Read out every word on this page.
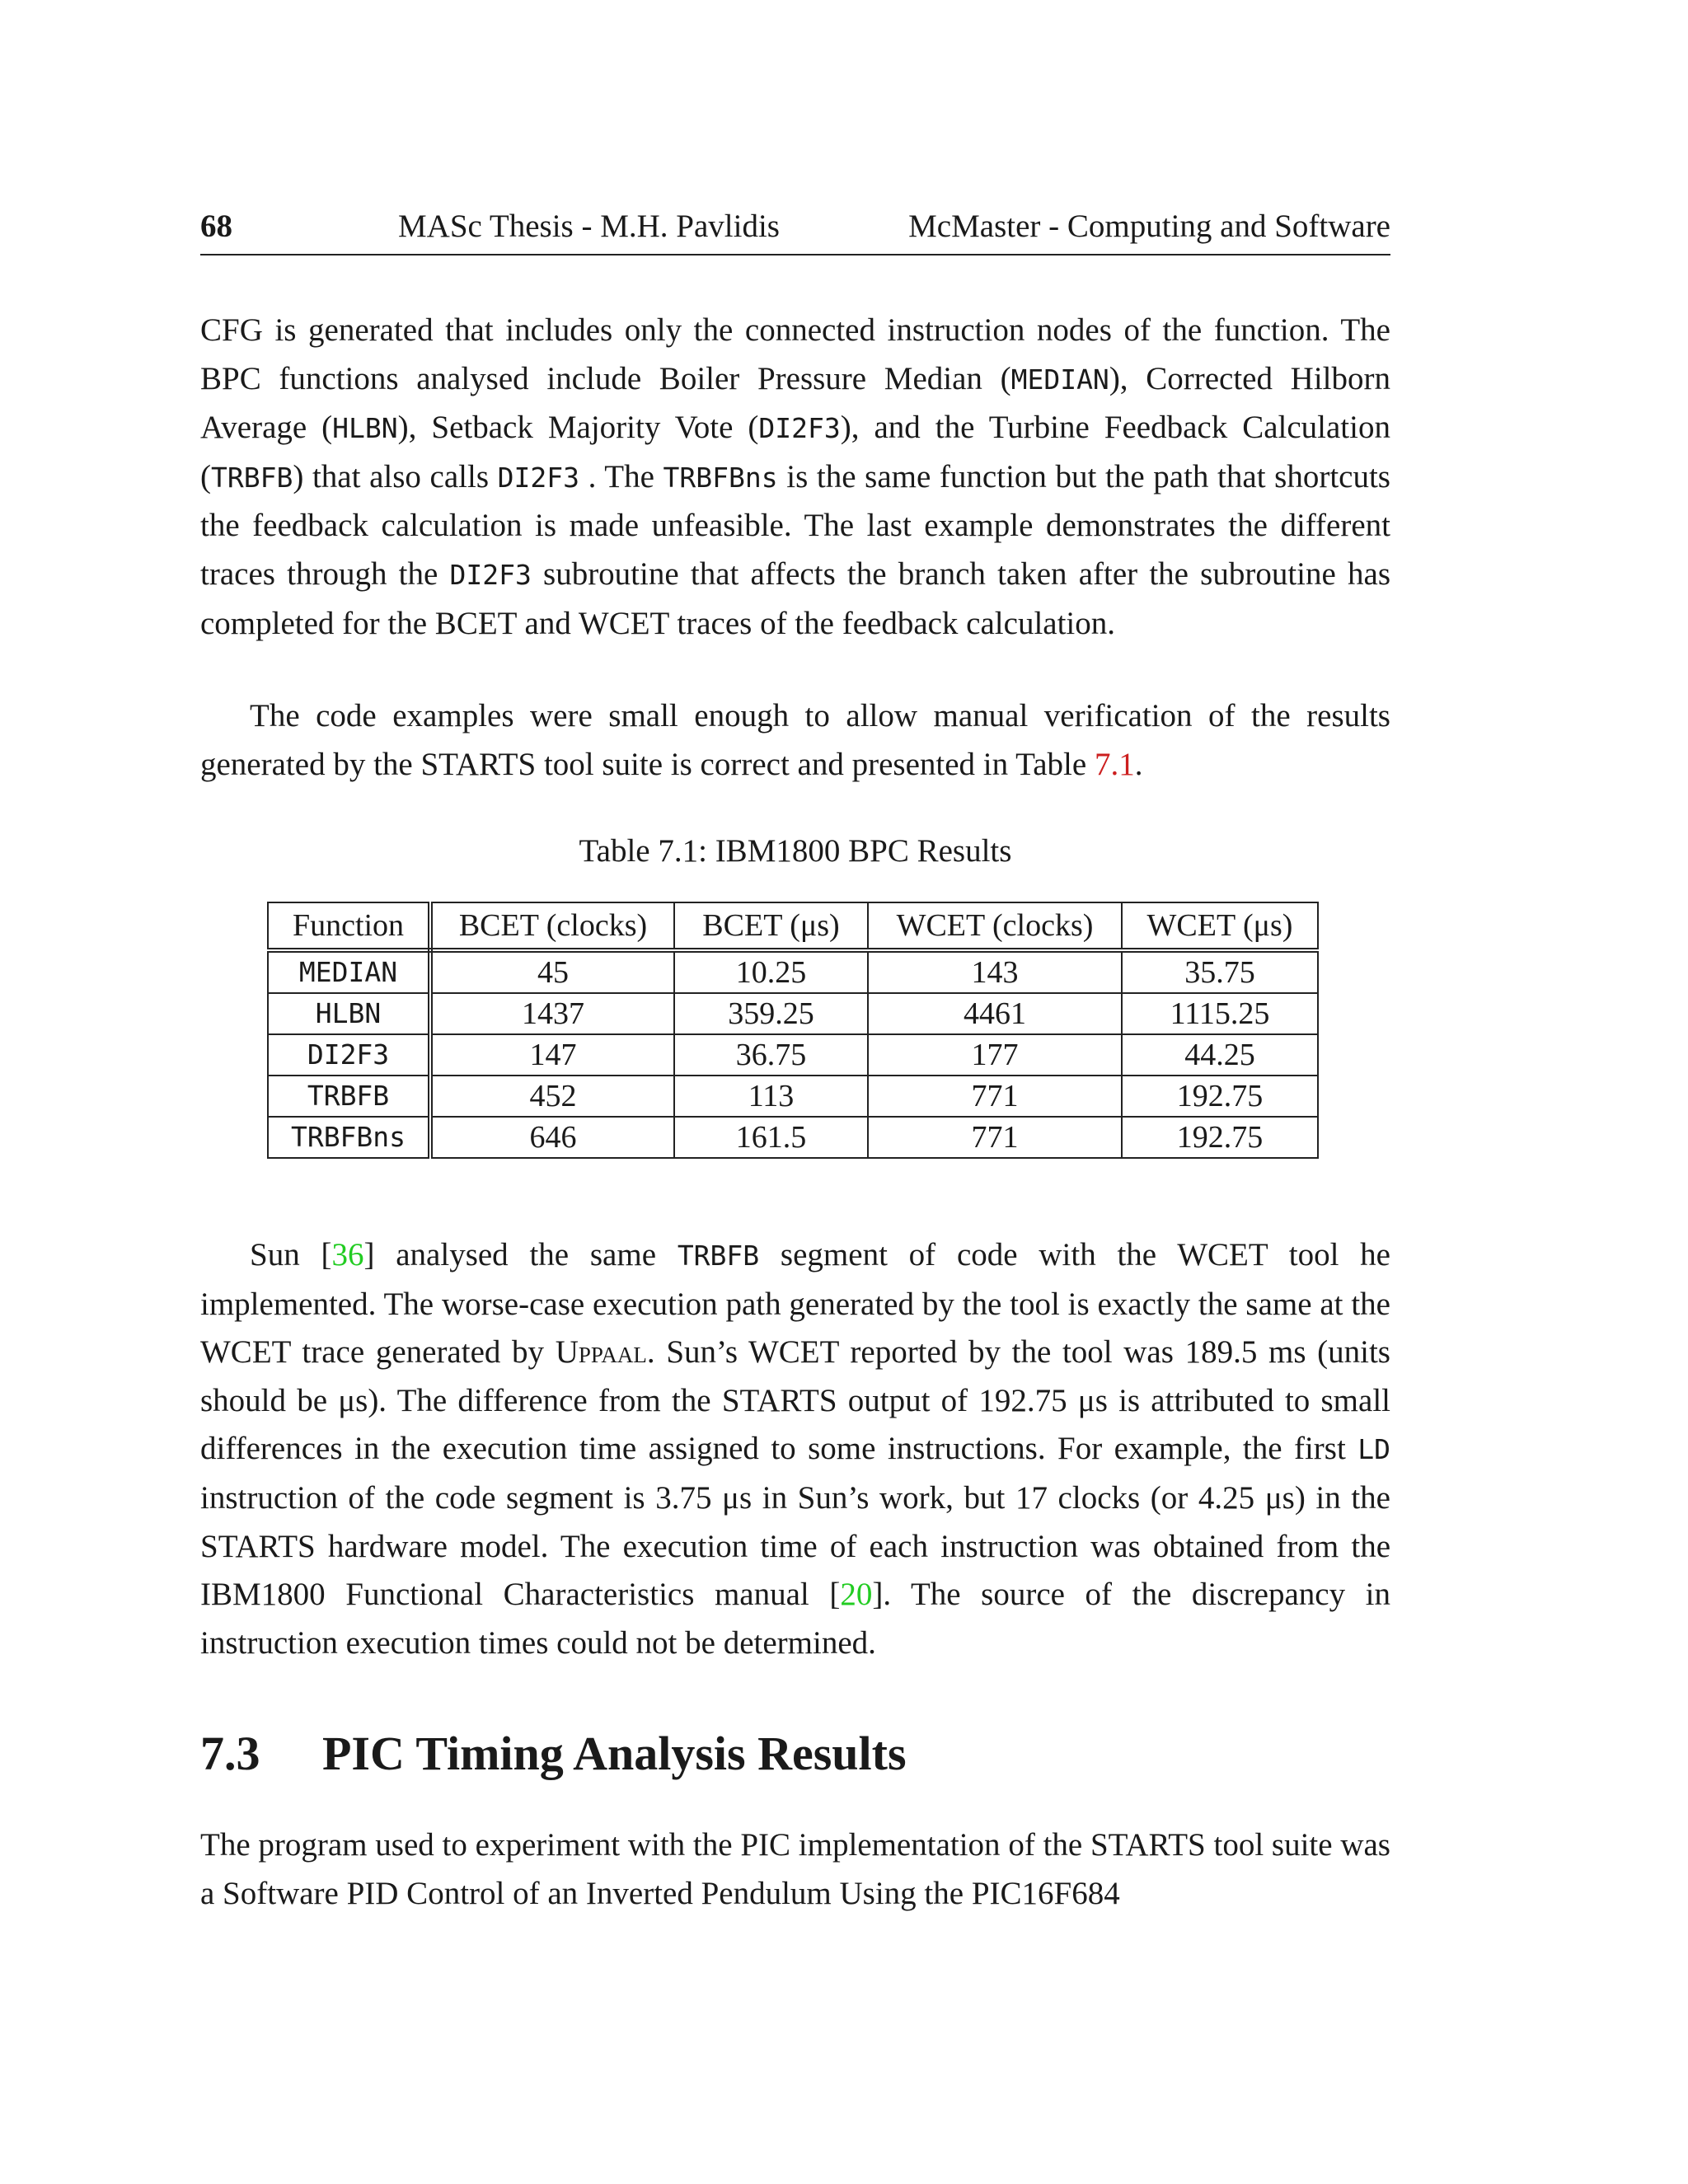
68	MASc Thesis - M.H. Pavlidis	McMaster - Computing and Software

CFG is generated that includes only the connected instruction nodes of the function. The BPC functions analysed include Boiler Pressure Median (MEDIAN), Corrected Hilborn Average (HLBN), Setback Majority Vote (DI2F3), and the Turbine Feedback Calculation (TRBFB) that also calls DI2F3 . The TRBFBns is the same function but the path that shortcuts the feedback calculation is made unfeasible. The last example demonstrates the different traces through the DI2F3 subroutine that affects the branch taken after the subroutine has completed for the BCET and WCET traces of the feedback calculation.

The code examples were small enough to allow manual verification of the results generated by the STARTS tool suite is correct and presented in Table 7.1.

Table 7.1: IBM1800 BPC Results
Function	BCET (clocks)	BCET (μs)	WCET (clocks)	WCET (μs)
MEDIAN	45	10.25	143	35.75
HLBN	1437	359.25	4461	1115.25
DI2F3	147	36.75	177	44.25
TRBFB	452	113	771	192.75
TRBFBns	646	161.5	771	192.75

Sun [36] analysed the same TRBFB segment of code with the WCET tool he implemented. The worse-case execution path generated by the tool is exactly the same at the WCET trace generated by Uppaal. Sun’s WCET reported by the tool was 189.5 ms (units should be μs). The difference from the STARTS output of 192.75 μs is attributed to small differences in the execution time assigned to some instructions. For example, the first LD instruction of the code segment is 3.75 μs in Sun’s work, but 17 clocks (or 4.25 μs) in the STARTS hardware model. The execution time of each instruction was obtained from the IBM1800 Functional Characteristics manual [20]. The source of the discrepancy in instruction execution times could not be determined.

7.3 PIC Timing Analysis Results

The program used to experiment with the PIC implementation of the STARTS tool suite was a Software PID Control of an Inverted Pendulum Using the PIC16F684
